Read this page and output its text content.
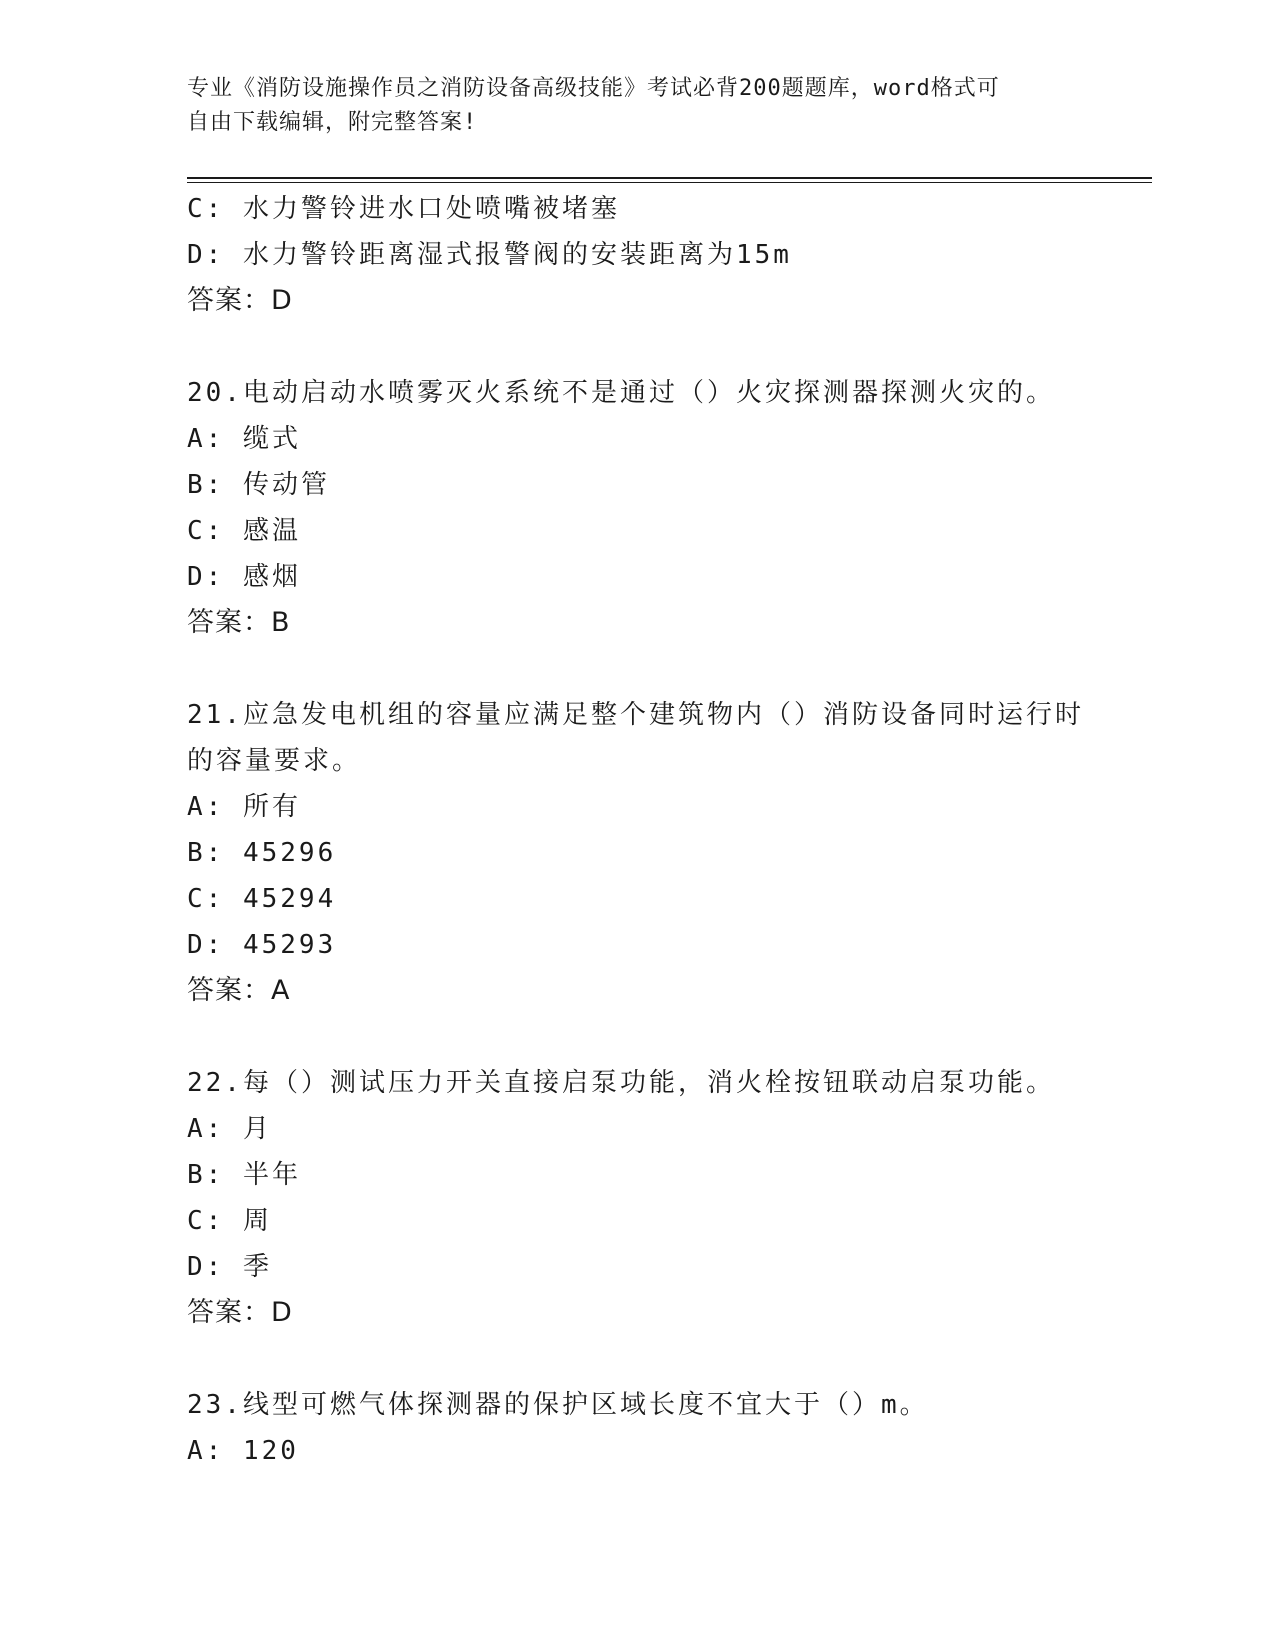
专业《消防设施操作员之消防设备高级技能》考试必背200题题库，word格式可
自由下载编辑，附完整答案!
C: 水力警铃进水口处喷嘴被堵塞
D: 水力警铃距离湿式报警阀的安装距离为15m
答案：D
20.电动启动水喷雾灭火系统不是通过（）火灾探测器探测火灾的。
A: 缆式
B: 传动管
C: 感温
D: 感烟
答案：B
21.应急发电机组的容量应满足整个建筑物内（）消防设备同时运行时的容量要求。
A: 所有
B: 45296
C: 45294
D: 45293
答案：A
22.每（）测试压力开关直接启泵功能，消火栓按钮联动启泵功能。
A: 月
B: 半年
C: 周
D: 季
答案：D
23.线型可燃气体探测器的保护区域长度不宜大于（）m。
A: 120
